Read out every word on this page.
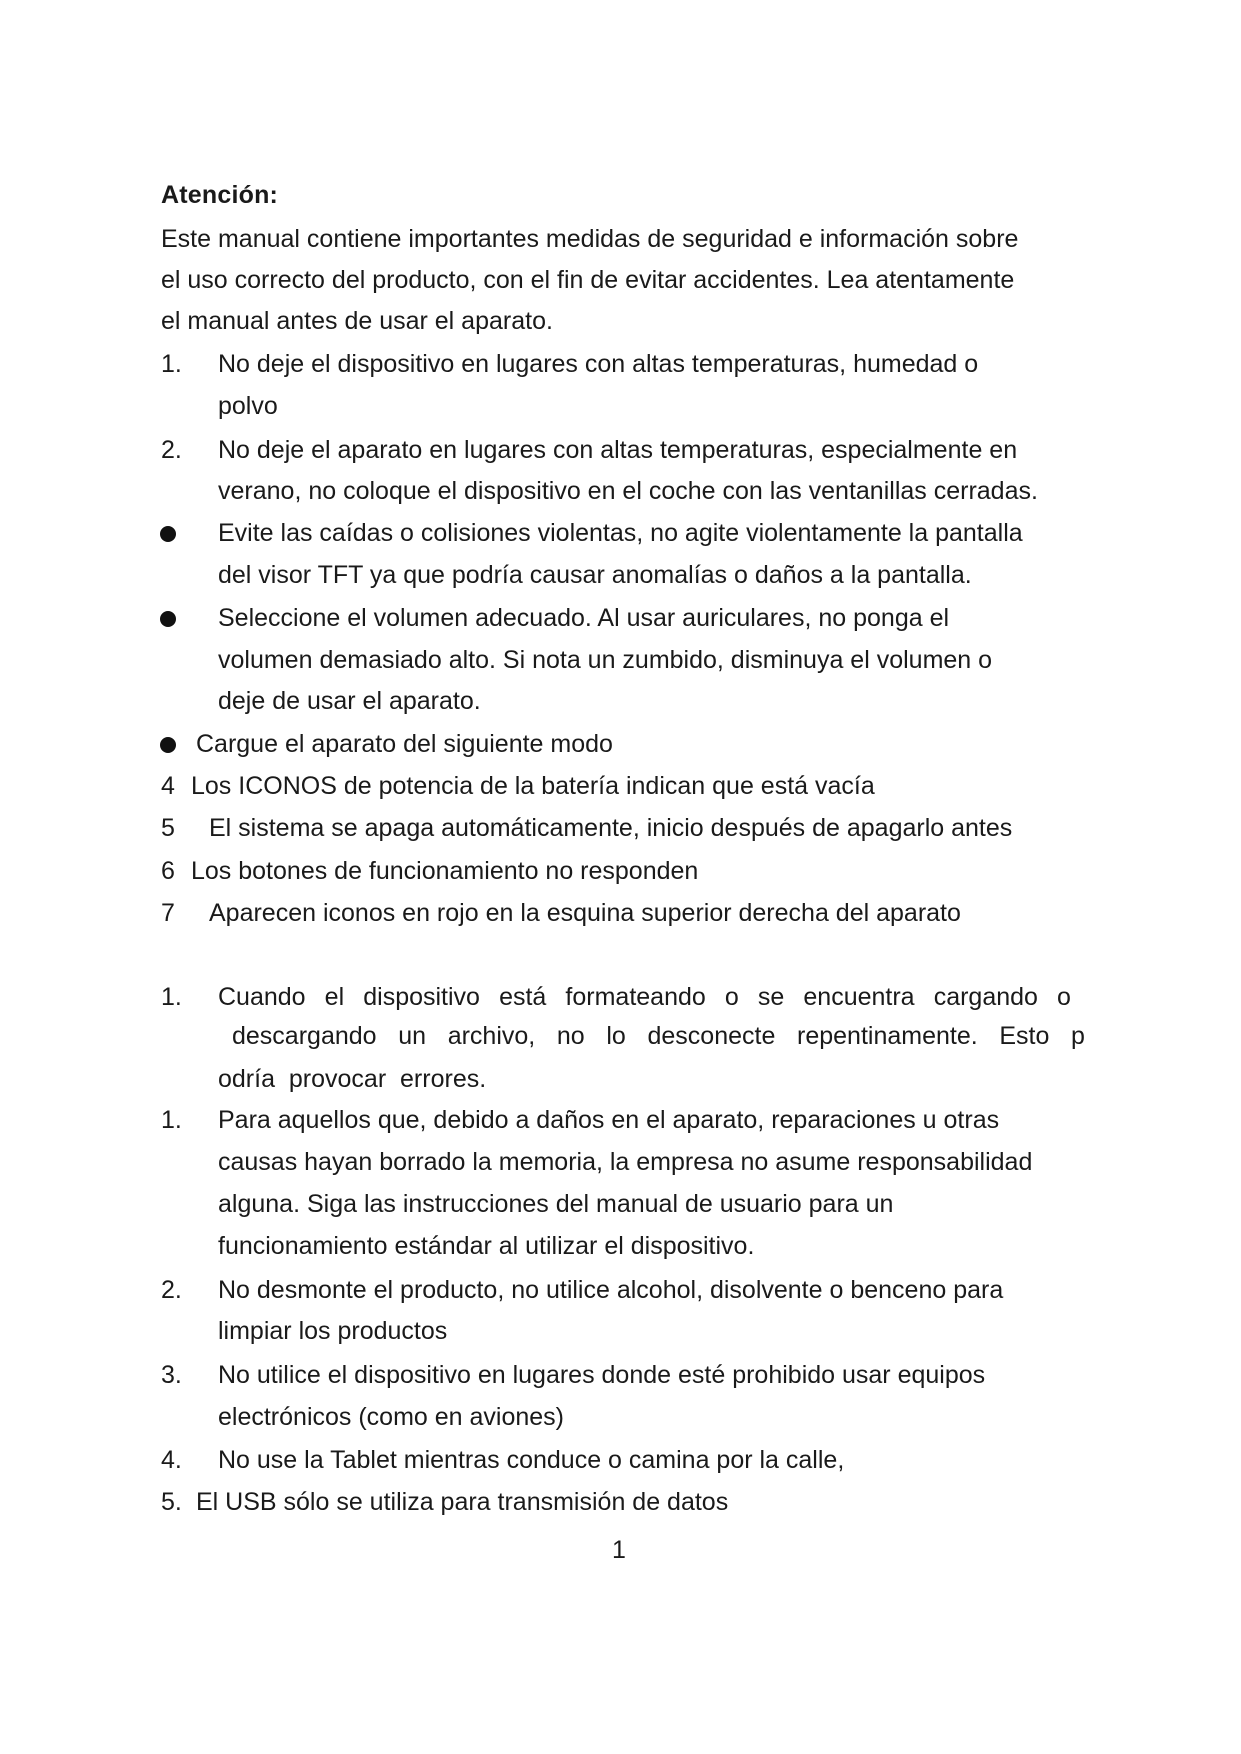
Atención:
Este manual contiene importantes medidas de seguridad e información sobre
el uso correcto del producto, con el fin de evitar accidentes. Lea atentamente
el manual antes de usar el aparato.
1. No deje el dispositivo en lugares con altas temperaturas, humedad o
polvo
2. No deje el aparato en lugares con altas temperaturas, especialmente en
verano, no coloque el dispositivo en el coche con las ventanillas cerradas.
Evite las caídas o colisiones violentas, no agite violentamente la pantalla
del visor TFT ya que podría causar anomalías o daños a la pantalla.
Seleccione el volumen adecuado. Al usar auriculares, no ponga el
volumen demasiado alto. Si nota un zumbido, disminuya el volumen o
deje de usar el aparato.
Cargue el aparato del siguiente modo
4 Los ICONOS de potencia de la batería indican que está vacía
5 El sistema se apaga automáticamente, inicio después de apagarlo antes
6 Los botones de funcionamiento no responden
7 Aparecen iconos en rojo en la esquina superior derecha del aparato
1. Cuando el dispositivo está formateando o se encuentra cargando o
descargando un archivo, no lo desconecte repentinamente. Esto p
odría  provocar  errores.
1. Para aquellos que, debido a daños en el aparato, reparaciones u otras
causas hayan borrado la memoria, la empresa no asume responsabilidad
alguna. Siga las instrucciones del manual de usuario para un
funcionamiento estándar al utilizar el dispositivo.
2. No desmonte el producto, no utilice alcohol, disolvente o benceno para
limpiar los productos
3. No utilice el dispositivo en lugares donde esté prohibido usar equipos
electrónicos (como en aviones)
4. No use la Tablet mientras conduce o camina por la calle,
5. El USB sólo se utiliza para transmisión de datos
1
